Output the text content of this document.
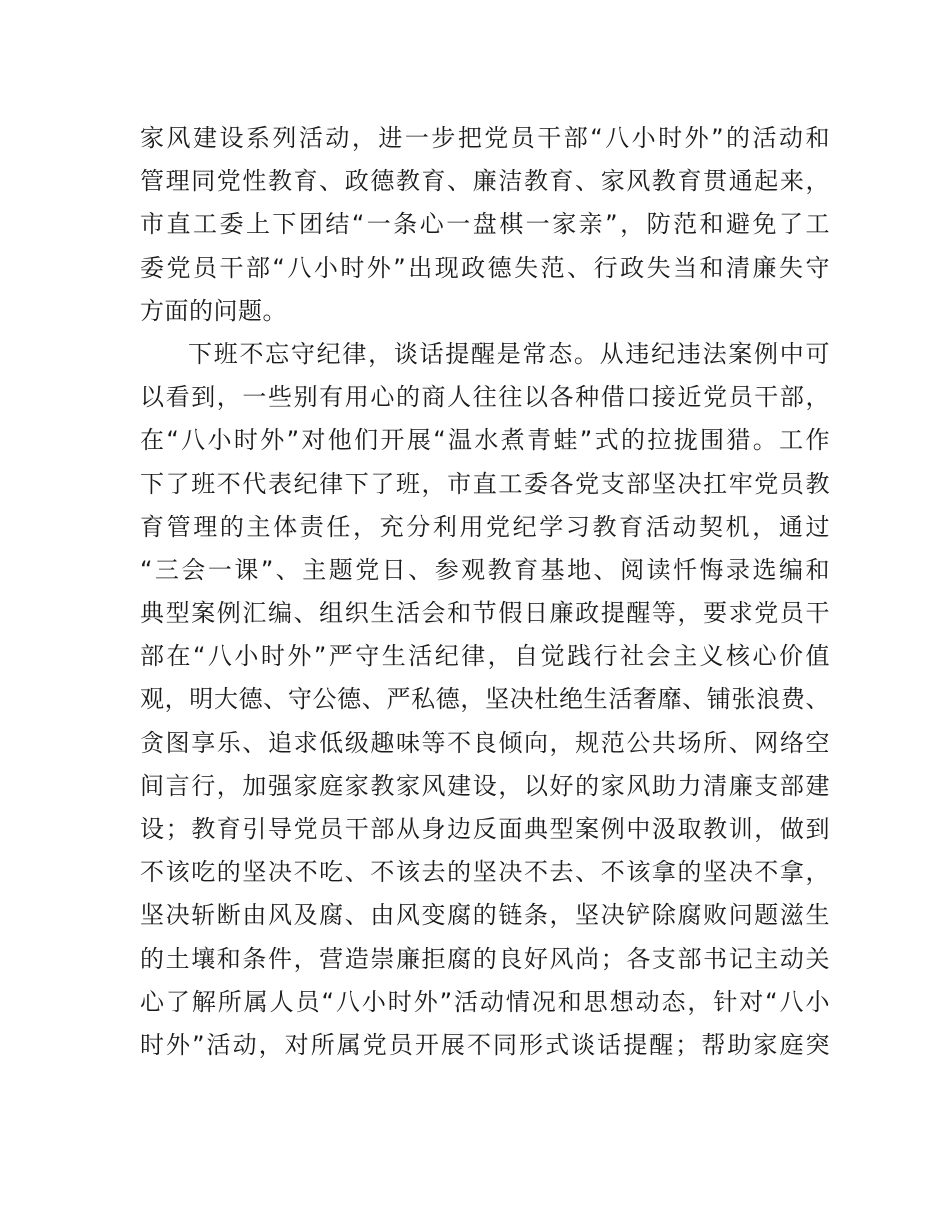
家风建设系列活动，进一步把党员干部“八小时外”的活动和
管理同党性教育、政德教育、廉洁教育、家风教育贯通起来，
市直工委上下团结“一条心一盘棋一家亲”，防范和避免了工
委党员干部“八小时外”出现政德失范、行政失当和清廉失守
方面的问题。
下班不忘守纪律，谈话提醒是常态。从违纪违法案例中可
以看到，一些别有用心的商人往往以各种借口接近党员干部，
在“八小时外”对他们开展“温水煮青蛙”式的拉拢围猎。工作
下了班不代表纪律下了班，市直工委各党支部坚决扛牢党员教
育管理的主体责任，充分利用党纪学习教育活动契机，通过
“三会一课”、主题党日、参观教育基地、阅读忏悔录选编和
典型案例汇编、组织生活会和节假日廉政提醒等，要求党员干
部在“八小时外”严守生活纪律，自觉践行社会主义核心价值
观，明大德、守公德、严私德，坚决杜绝生活奢靡、铺张浪费、
贪图享乐、追求低级趣味等不良倾向，规范公共场所、网络空
间言行，加强家庭家教家风建设，以好的家风助力清廉支部建
设；教育引导党员干部从身边反面典型案例中汲取教训，做到
不该吃的坚决不吃、不该去的坚决不去、不该拿的坚决不拿，
坚决斩断由风及腐、由风变腐的链条，坚决铲除腐败问题滋生
的土壤和条件，营造崇廉拒腐的良好风尚；各支部书记主动关
心了解所属人员“八小时外”活动情况和思想动态，针对“八小
时外”活动，对所属党员开展不同形式谈话提醒；帮助家庭突
